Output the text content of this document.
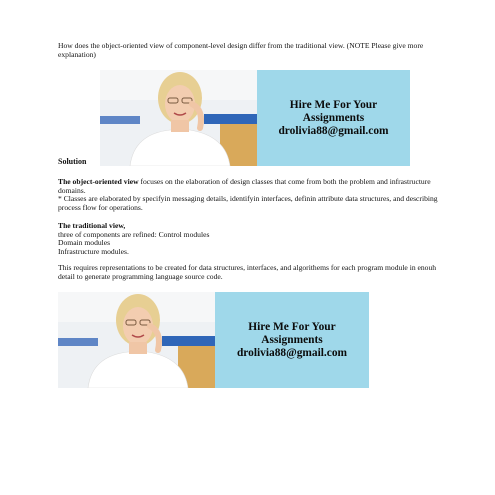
How does the object-oriented view of component-level design differ from the traditional view. (NOTE Please give more explanation)

Hire Me For Your
Assignments
drolivia88@gmail.com

Solution

The object-oriented view focuses on the elaboration of design classes that come from both the problem and infrastructure domains.
* Classes are elaborated by specifyin messaging details, identifyin interfaces, definin attribute data structures, and describing process flow for operations.

The traditional view,
three of components are refined: Control modules
Domain modules
Infrastructure modules.

This requires representations to be created for data structures, interfaces, and algorithems for each program module in enouh detail to generate programming language source code.

Hire Me For Your
Assignments
drolivia88@gmail.com
